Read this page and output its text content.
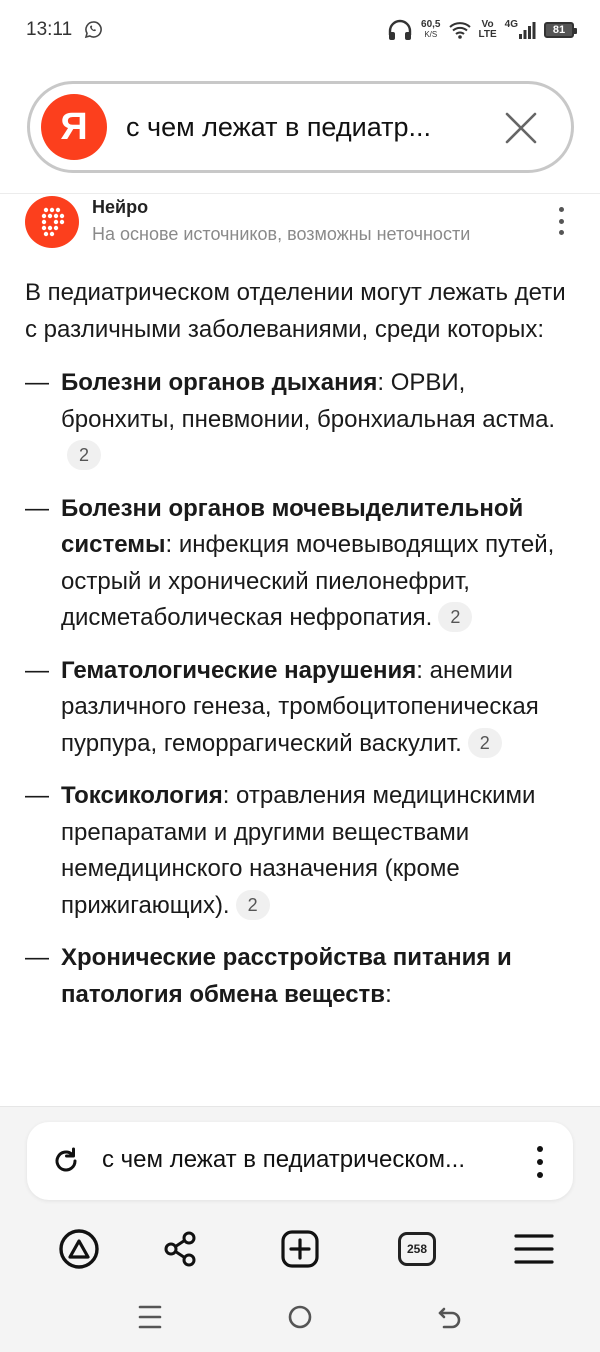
13:11	60,5
K/S
Vo
LTE
4G	81
Я с чем лежат в педиатр...
Нейро
На основе источников, возможны неточности

В педиатрическом отделении могут лежать дети с различными заболеваниями, среди которых:

— Болезни органов дыхания: ОРВИ, бронхиты, пневмонии, бронхиальная астма.2
— Болезни органов мочевыделительной системы: инфекция мочевыводящих путей, острый и хронический пиелонефрит, дисметаболическая нефропатия. 2
— Гематологические нарушения: анемии различного генеза, тромбоцитопеническая пурпура, геморрагический васкулит. 2
— Токсикология: отравления медицинскими препаратами и другими веществами немедицинского назначения (кроме прижигающих). 2
— Хронические расстройства питания и патология обмена веществ:
с чем лежат в педиатрическом...
258
